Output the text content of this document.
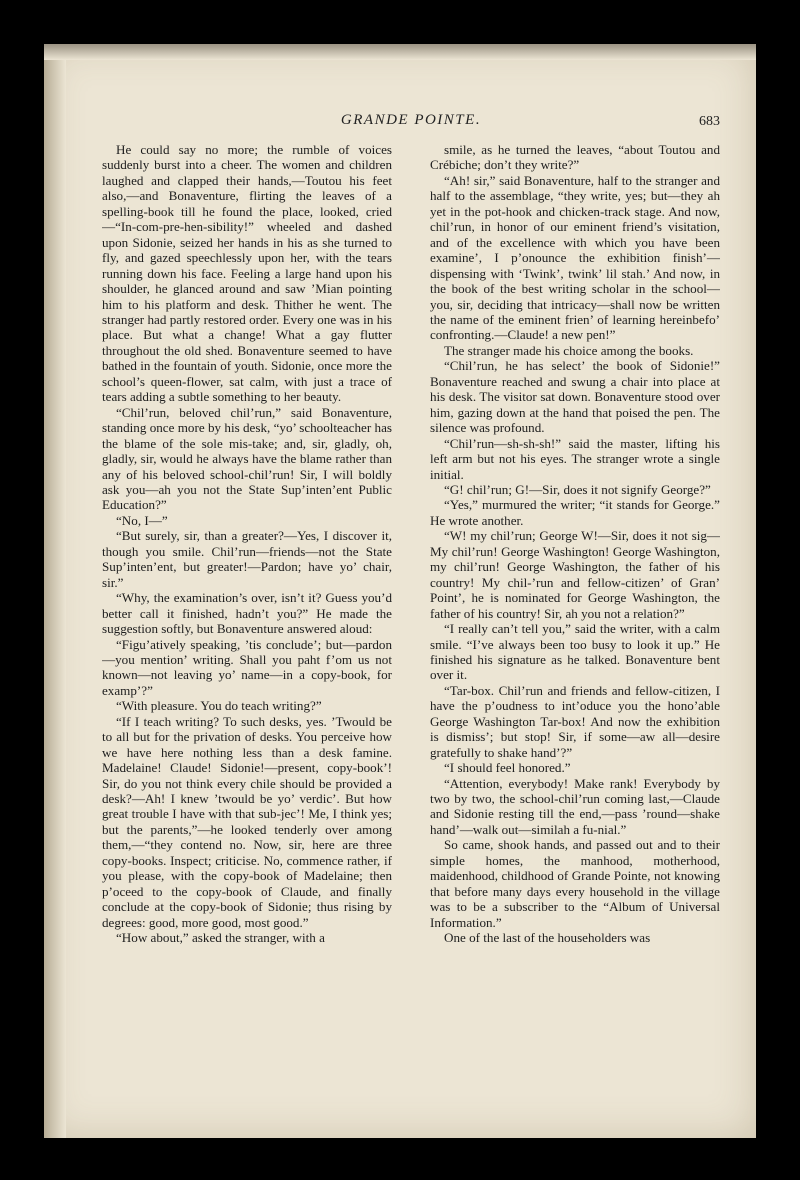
GRANDE POINTE.	683

He could say no more; the rumble of voices suddenly burst into a cheer. The women and children laughed and clapped their hands,—Toutou his feet also,—and Bonaventure, flirting the leaves of a spelling-book till he found the place, looked, cried—“In-com-pre-hen-sibility!” wheeled and dashed upon Sidonie, seized her hands in his as she turned to fly, and gazed speechlessly upon her, with the tears running down his face. Feeling a large hand upon his shoulder, he glanced around and saw ’Mian pointing him to his platform and desk. Thither he went. The stranger had partly restored order. Every one was in his place. But what a change! What a gay flutter throughout the old shed. Bonaventure seemed to have bathed in the fountain of youth. Sidonie, once more the school’s queen-flower, sat calm, with just a trace of tears adding a subtle something to her beauty.

“Chil’run, beloved chil’run,” said Bonaventure, standing once more by his desk, “yo’ schoolteacher has the blame of the sole mis-take; and, sir, gladly, oh, gladly, sir, would he always have the blame rather than any of his beloved school-chil’run! Sir, I will boldly ask you—ah you not the State Sup’inten’ent Public Education?”

“No, I—”

“But surely, sir, than a greater?—Yes, I discover it, though you smile. Chil’run—friends—not the State Sup’inten’ent, but greater!—Pardon; have yo’ chair, sir.”

“Why, the examination’s over, isn’t it? Guess you’d better call it finished, hadn’t you?” He made the suggestion softly, but Bonaventure answered aloud:

“Figu’atively speaking, ’tis conclude’; but—pardon—you mention’ writing. Shall you paht f’om us not known—not leaving yo’ name—in a copy-book, for examp’?”

“With pleasure. You do teach writing?”

“If I teach writing? To such desks, yes. ’Twould be to all but for the privation of desks. You perceive how we have here nothing less than a desk famine. Madelaine! Claude! Sidonie!—present, copy-book’! Sir, do you not think every chile should be provided a desk?—Ah! I knew ’twould be yo’ verdic’. But how great trouble I have with that sub-jec’! Me, I think yes; but the parents,”—he looked tenderly over among them,—“they contend no. Now, sir, here are three copy-books. Inspect; criticise. No, commence rather, if you please, with the copy-book of Madelaine; then p’oceed to the copy-book of Claude, and finally conclude at the copy-book of Sidonie; thus rising by degrees: good, more good, most good.”

“How about,” asked the stranger, with a

smile, as he turned the leaves, “about Toutou and Crébiche; don’t they write?”

“Ah! sir,” said Bonaventure, half to the stranger and half to the assemblage, “they write, yes; but—they ah yet in the pot-hook and chicken-track stage. And now, chil’run, in honor of our eminent friend’s visitation, and of the excellence with which you have been examine’, I p’onounce the exhibition finish’—dispensing with ‘Twink’, twink’ lil stah.’ And now, in the book of the best writing scholar in the school—you, sir, deciding that intricacy—shall now be written the name of the eminent frien’ of learning hereinbefo’ confronting.—Claude! a new pen!”

The stranger made his choice among the books.

“Chil’run, he has select’ the book of Sidonie!” Bonaventure reached and swung a chair into place at his desk. The visitor sat down. Bonaventure stood over him, gazing down at the hand that poised the pen. The silence was profound.

“Chil’run—sh-sh-sh!” said the master, lifting his left arm but not his eyes. The stranger wrote a single initial.

“G! chil’run; G!—Sir, does it not signify George?”

“Yes,” murmured the writer; “it stands for George.” He wrote another.

“W! my chil’run; George W!—Sir, does it not sig—My chil’run! George Washington! George Washington, my chil’run! George Washington, the father of his country! My chil-’run and fellow-citizen’ of Gran’ Point’, he is nominated for George Washington, the father of his country! Sir, ah you not a relation?”

“I really can’t tell you,” said the writer, with a calm smile. “I’ve always been too busy to look it up.” He finished his signature as he talked. Bonaventure bent over it.

“Tar-box. Chil’run and friends and fellow-citizen, I have the p’oudness to int’oduce you the hono’able George Washington Tar-box! And now the exhibition is dismiss’; but stop! Sir, if some—aw all—desire gratefully to shake hand’?”

“I should feel honored.”

“Attention, everybody! Make rank! Everybody by two by two, the school-chil’run coming last,—Claude and Sidonie resting till the end,—pass ’round—shake hand’—walk out—similah a fu-nial.”

So came, shook hands, and passed out and to their simple homes, the manhood, motherhood, maidenhood, childhood of Grande Pointe, not knowing that before many days every household in the village was to be a subscriber to the “Album of Universal Information.”

One of the last of the householders was
